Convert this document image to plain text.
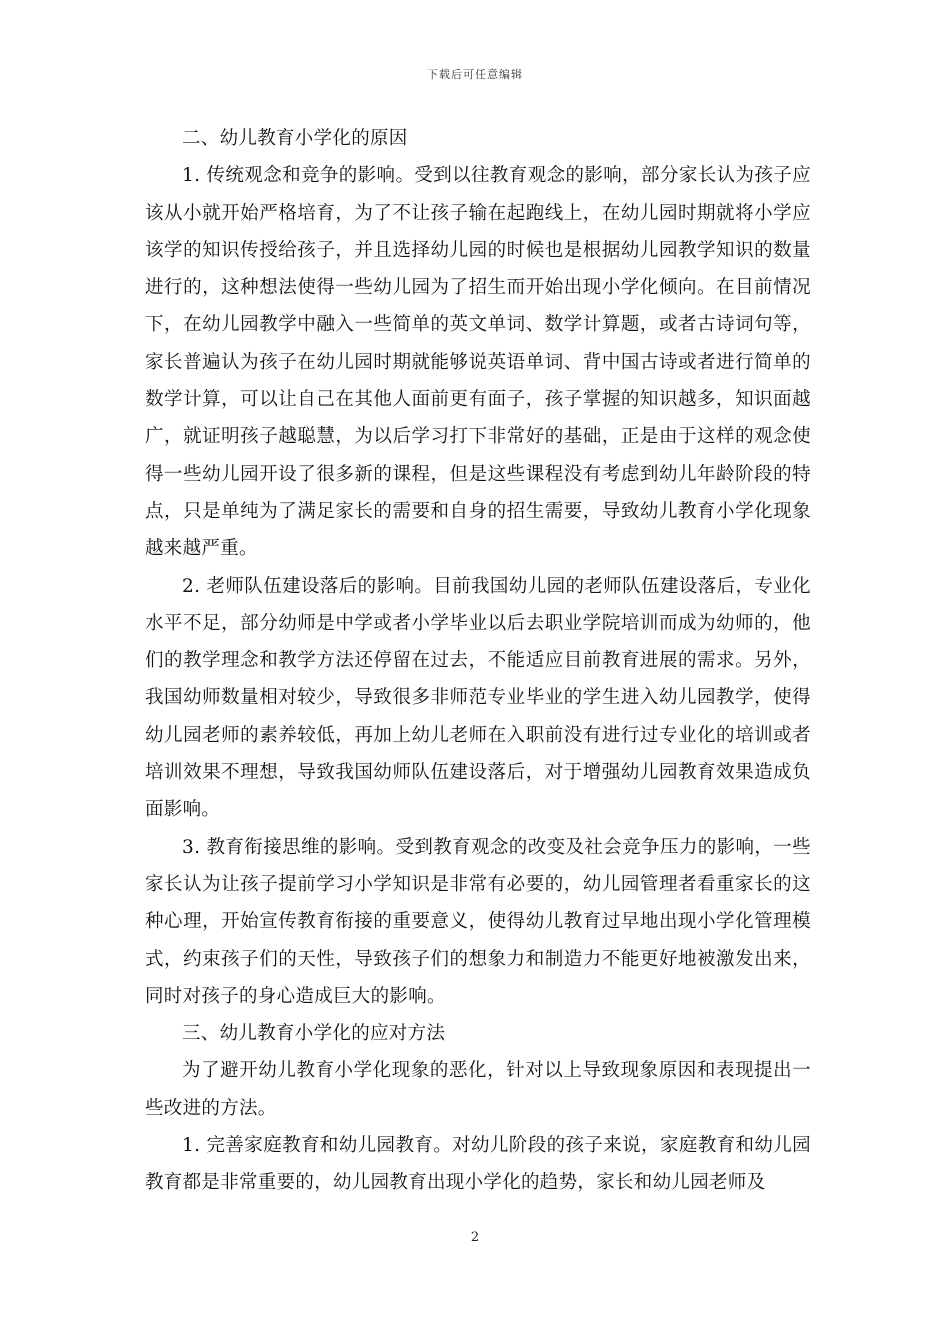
下载后可任意编辑

二、幼儿教育小学化的原因

1. 传统观念和竞争的影响。受到以往教育观念的影响，部分家长认为孩子应该从小就开始严格培育，为了不让孩子输在起跑线上，在幼儿园时期就将小学应该学的知识传授给孩子，并且选择幼儿园的时候也是根据幼儿园教学知识的数量进行的，这种想法使得一些幼儿园为了招生而开始出现小学化倾向。在目前情况下，在幼儿园教学中融入一些简单的英文单词、数学计算题，或者古诗词句等，家长普遍认为孩子在幼儿园时期就能够说英语单词、背中国古诗或者进行简单的数学计算，可以让自己在其他人面前更有面子，孩子掌握的知识越多，知识面越广，就证明孩子越聪慧，为以后学习打下非常好的基础，正是由于这样的观念使得一些幼儿园开设了很多新的课程，但是这些课程没有考虑到幼儿年龄阶段的特点，只是单纯为了满足家长的需要和自身的招生需要，导致幼儿教育小学化现象越来越严重。

2. 老师队伍建设落后的影响。目前我国幼儿园的老师队伍建设落后，专业化水平不足，部分幼师是中学或者小学毕业以后去职业学院培训而成为幼师的，他们的教学理念和教学方法还停留在过去，不能适应目前教育进展的需求。另外，我国幼师数量相对较少，导致很多非师范专业毕业的学生进入幼儿园教学，使得幼儿园老师的素养较低，再加上幼儿老师在入职前没有进行过专业化的培训或者培训效果不理想，导致我国幼师队伍建设落后，对于增强幼儿园教育效果造成负面影响。

3. 教育衔接思维的影响。受到教育观念的改变及社会竞争压力的影响，一些家长认为让孩子提前学习小学知识是非常有必要的，幼儿园管理者看重家长的这种心理，开始宣传教育衔接的重要意义，使得幼儿教育过早地出现小学化管理模式，约束孩子们的天性，导致孩子们的想象力和制造力不能更好地被激发出来，同时对孩子的身心造成巨大的影响。

三、幼儿教育小学化的应对方法

为了避开幼儿教育小学化现象的恶化，针对以上导致现象原因和表现提出一些改进的方法。

1. 完善家庭教育和幼儿园教育。对幼儿阶段的孩子来说，家庭教育和幼儿园教育都是非常重要的，幼儿园教育出现小学化的趋势，家长和幼儿园老师及

2
